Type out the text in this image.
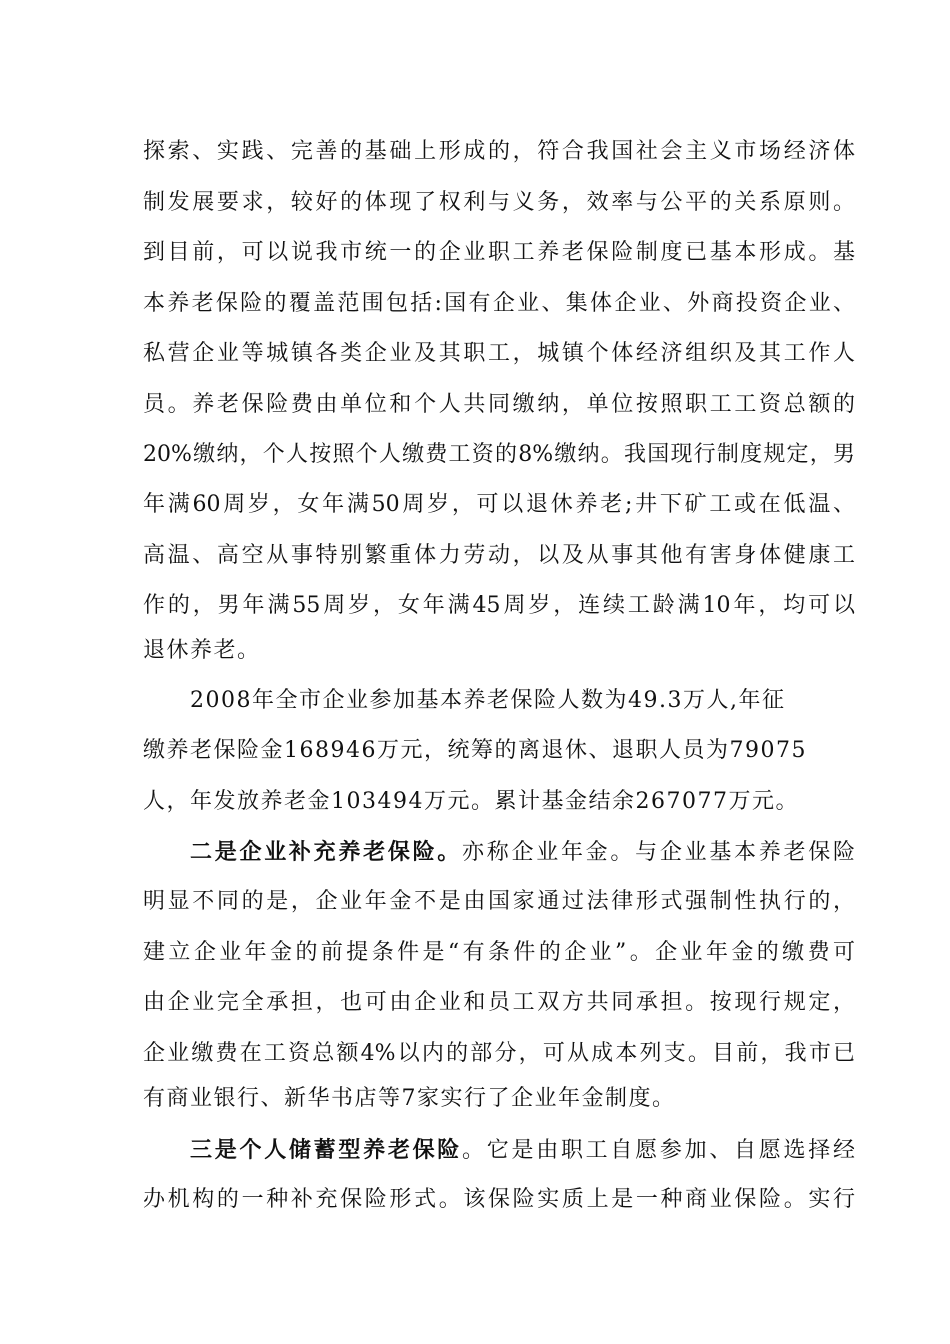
探索、实践、完善的基础上形成的，符合我国社会主义市场经济体
制发展要求，较好的体现了权利与义务，效率与公平的关系原则。
到目前，可以说我市统一的企业职工养老保险制度已基本形成。基
本养老保险的覆盖范围包括:国有企业、集体企业、外商投资企业、
私营企业等城镇各类企业及其职工，城镇个体经济组织及其工作人
员。养老保险费由单位和个人共同缴纳，单位按照职工工资总额的
20%缴纳，个人按照个人缴费工资的8%缴纳。我国现行制度规定，男
年满60周岁，女年满50周岁，可以退休养老;井下矿工或在低温、
高温、高空从事特别繁重体力劳动，以及从事其他有害身体健康工
作的，男年满55周岁，女年满45周岁，连续工龄满10年，均可以
退休养老。
2008年全市企业参加基本养老保险人数为49.3万人,年征
缴养老保险金168946万元，统筹的离退休、退职人员为79075
人，年发放养老金103494万元。累计基金结余267077万元。
二是企业补充养老保险。亦称企业年金。与企业基本养老保险
明显不同的是，企业年金不是由国家通过法律形式强制性执行的，
建立企业年金的前提条件是“有条件的企业”。企业年金的缴费可
由企业完全承担，也可由企业和员工双方共同承担。按现行规定，
企业缴费在工资总额4%以内的部分，可从成本列支。目前，我市已
有商业银行、新华书店等7家实行了企业年金制度。
三是个人储蓄型养老保险。它是由职工自愿参加、自愿选择经
办机构的一种补充保险形式。该保险实质上是一种商业保险。实行
